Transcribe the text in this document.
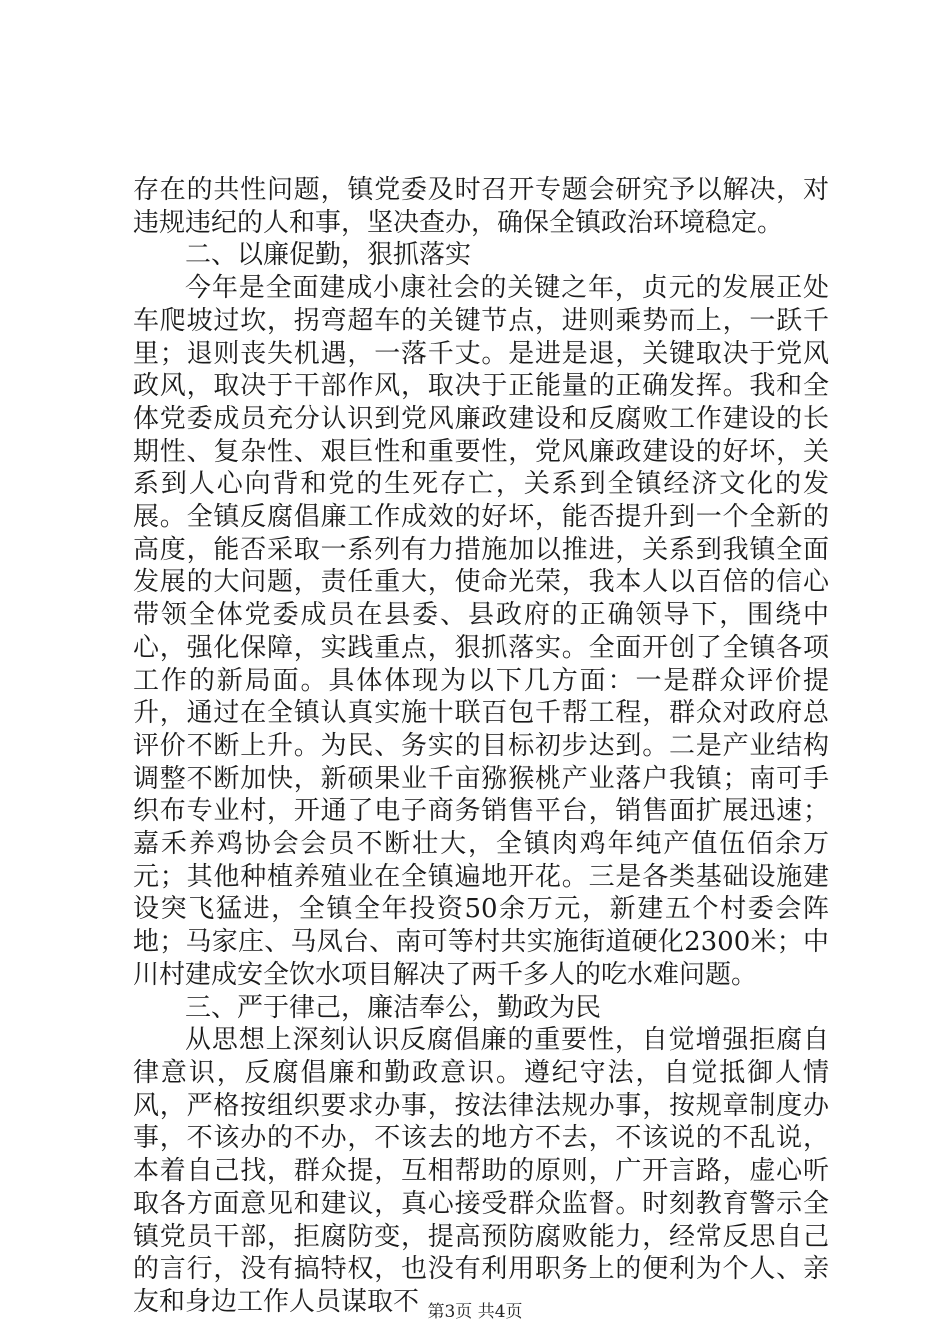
存在的共性问题，镇党委及时召开专题会研究予以解决，对违规违纪的人和事，坚决查办，确保全镇政治环境稳定。

二、以廉促勤，狠抓落实

今年是全面建成小康社会的关键之年，贞元的发展正处车爬坡过坎，拐弯超车的关键节点，进则乘势而上，一跃千里；退则丧失机遇，一落千丈。是进是退，关键取决于党风政风，取决于干部作风，取决于正能量的正确发挥。我和全体党委成员充分认识到党风廉政建设和反腐败工作建设的长期性、复杂性、艰巨性和重要性，党风廉政建设的好坏，关系到人心向背和党的生死存亡，关系到全镇经济文化的发展。全镇反腐倡廉工作成效的好坏，能否提升到一个全新的高度，能否采取一系列有力措施加以推进，关系到我镇全面发展的大问题，责任重大，使命光荣，我本人以百倍的信心带领全体党委成员在县委、县政府的正确领导下，围绕中心，强化保障，实践重点，狠抓落实。全面开创了全镇各项工作的新局面。具体体现为以下几方面：一是群众评价提升，通过在全镇认真实施十联百包千帮工程，群众对政府总评价不断上升。为民、务实的目标初步达到。二是产业结构调整不断加快，新硕果业千亩猕猴桃产业落户我镇；南可手织布专业村，开通了电子商务销售平台，销售面扩展迅速；嘉禾养鸡协会会员不断壮大，全镇肉鸡年纯产值伍佰余万元；其他种植养殖业在全镇遍地开花。三是各类基础设施建设突飞猛进，全镇全年投资50余万元，新建五个村委会阵地；马家庄、马凤台、南可等村共实施街道硬化2300米；中川村建成安全饮水项目解决了两千多人的吃水难问题。

三、严于律己，廉洁奉公，勤政为民

从思想上深刻认识反腐倡廉的重要性，自觉增强拒腐自律意识，反腐倡廉和勤政意识。遵纪守法，自觉抵御人情风，严格按组织要求办事，按法律法规办事，按规章制度办事，不该办的不办，不该去的地方不去，不该说的不乱说，本着自己找，群众提，互相帮助的原则，广开言路，虚心听取各方面意见和建议，真心接受群众监督。时刻教育警示全镇党员干部，拒腐防变，提高预防腐败能力，经常反思自己的言行，没有搞特权，也没有利用职务上的便利为个人、亲友和身边工作人员谋取不 第3页 共4页
